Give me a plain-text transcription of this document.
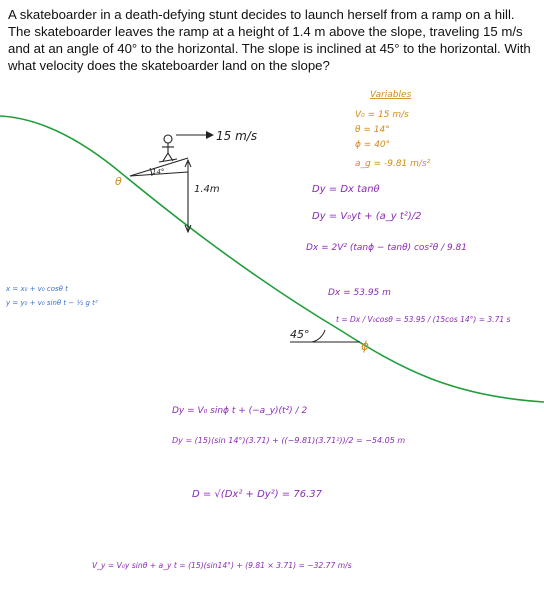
A skateboarder in a death-defying stunt decides to launch herself from a ramp on a hill. The skateboarder leaves the ramp at a height of 1.4 m above the slope, traveling 15 m/s and at an angle of 40° to the horizontal. The slope is inclined at 45° to the horizontal. With what velocity does the skateboarder land on the slope?

15 m/s
14°
1.4m
θ
45°
ϕ
Variables
V₀ = 15 m/s
θ = 14°
ϕ = 40°
a_g = -9.81 m/s²
x = x₀ + v₀ cosθ t
y = y₀ + v₀ sinθ t − ½ g t²
Dy = Dx tanθ
Dy = V₀yt + (a_y t²)/2
Dx = 2V² (tanϕ − tanθ) cos²θ / 9.81
Dx = 53.95 m
t = Dx / V₀cosθ = 53.95 / (15cos 14°) = 3.71 s
Dy = V₀ sinϕ t + (−a_y)(t²) / 2
Dy = (15)(sin 14°)(3.71) + ((−9.81)(3.71²))/2 = −54.05 m
D = √(Dx² + Dy²) = 76.37
V_y = V₀y sinθ + a_y t = (15)(sin14°) + (9.81 × 3.71) = −32.77 m/s
